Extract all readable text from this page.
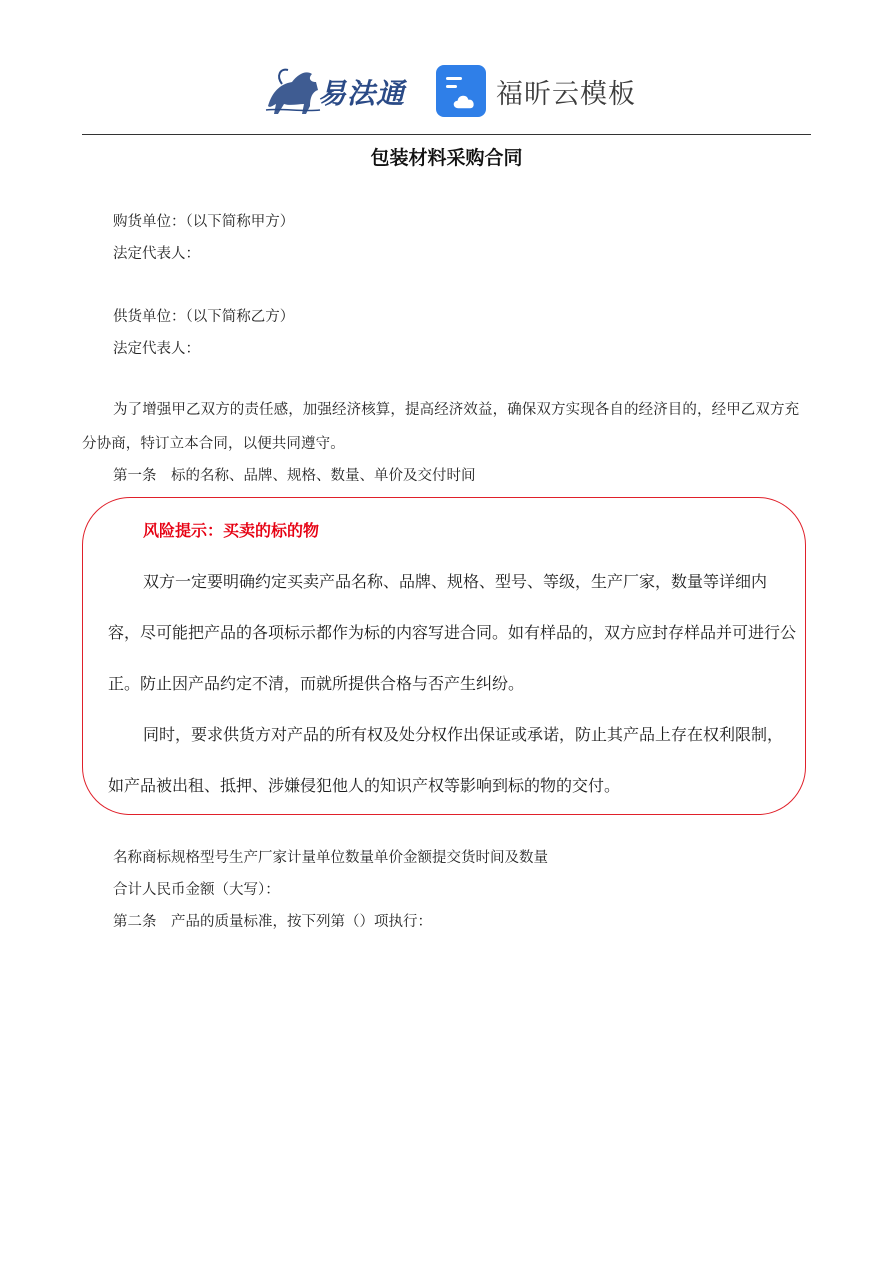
易法通	福昕云模板
包装材料采购合同
购货单位：（以下简称甲方）
法定代表人：
供货单位：（以下简称乙方）
法定代表人：
为了增强甲乙双方的责任感，加强经济核算，提高经济效益，确保双方实现各自的经济目的，经甲乙双方充分协商，特订立本合同，以便共同遵守。
第一条　标的名称、品牌、规格、数量、单价及交付时间
风险提示：买卖的标的物
双方一定要明确约定买卖产品名称、品牌、规格、型号、等级，生产厂家，数量等详细内容，尽可能把产品的各项标示都作为标的内容写进合同。如有样品的，双方应封存样品并可进行公正。防止因产品约定不清，而就所提供合格与否产生纠纷。
同时，要求供货方对产品的所有权及处分权作出保证或承诺，防止其产品上存在权利限制，如产品被出租、抵押、涉嫌侵犯他人的知识产权等影响到标的物的交付。
名称商标规格型号生产厂家计量单位数量单价金额提交货时间及数量
合计人民币金额（大写）：
第二条　产品的质量标准，按下列第（）项执行：
